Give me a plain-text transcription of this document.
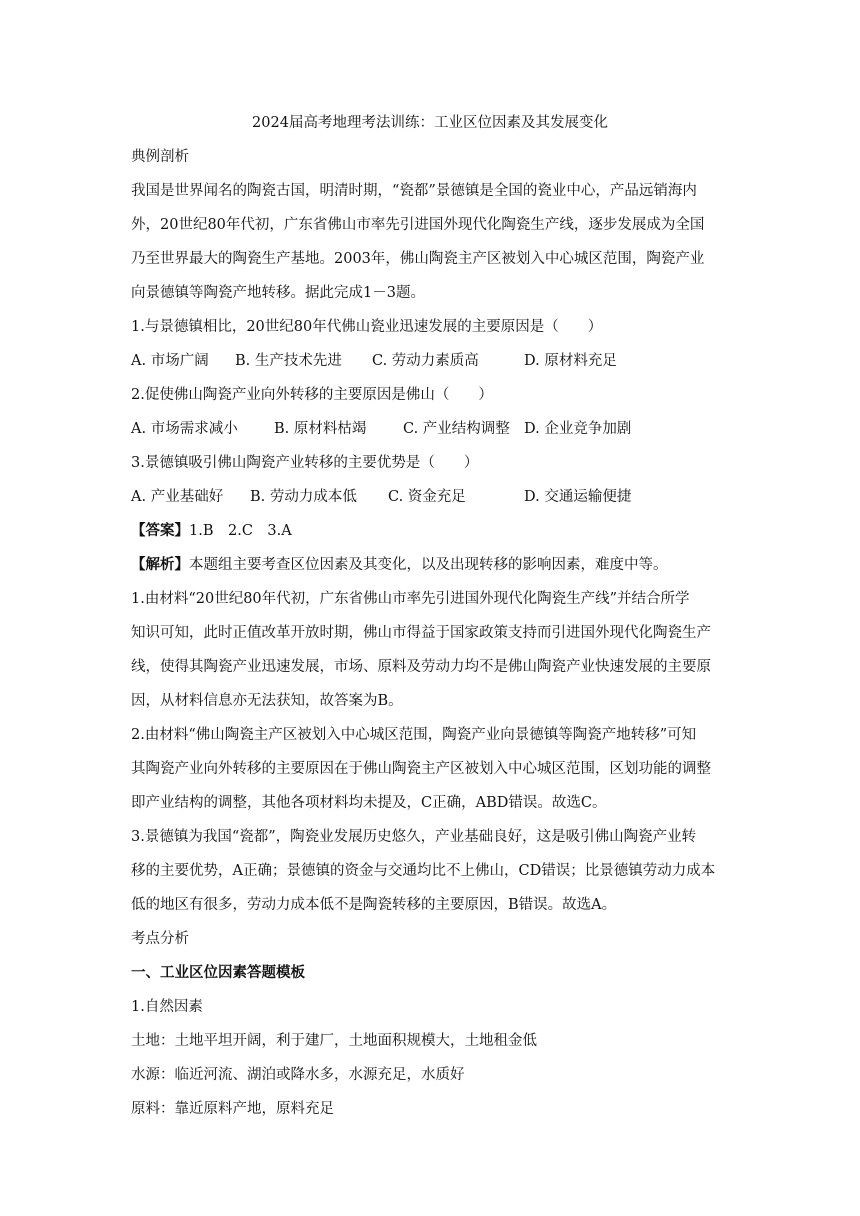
2024届高考地理考法训练：工业区位因素及其发展变化
典例剖析
我国是世界闻名的陶瓷古国，明清时期，“瓷都”景德镇是全国的瓷业中心，产品远销海内
外，20世纪80年代初，广东省佛山市率先引进国外现代化陶瓷生产线，逐步发展成为全国
乃至世界最大的陶瓷生产基地。2003年，佛山陶瓷主产区被划入中心城区范围，陶瓷产业
向景德镇等陶瓷产地转移。据此完成1－3题。
1.与景德镇相比，20世纪80年代佛山瓷业迅速发展的主要原因是（　　）
A. 市场广阔 B. 生产技术先进 C. 劳动力素质高	D. 原材料充足
2.促使佛山陶瓷产业向外转移的主要原因是佛山（　　）
A. 市场需求减小	B. 原材料枯竭	C. 产业结构调整 D. 企业竞争加剧
3.景德镇吸引佛山陶瓷产业转移的主要优势是（　　）
A. 产业基础好 B. 劳动力成本低 C. 资金充足	D. 交通运输便捷
【答案】1.B　2.C　3.A
【解析】本题组主要考查区位因素及其变化，以及出现转移的影响因素，难度中等。
1.由材料“20世纪80年代初，广东省佛山市率先引进国外现代化陶瓷生产线”并结合所学
知识可知，此时正值改革开放时期，佛山市得益于国家政策支持而引进国外现代化陶瓷生产
线，使得其陶瓷产业迅速发展，市场、原料及劳动力均不是佛山陶瓷产业快速发展的主要原
因，从材料信息亦无法获知，故答案为B。
2.由材料“佛山陶瓷主产区被划入中心城区范围，陶瓷产业向景德镇等陶瓷产地转移”可知
其陶瓷产业向外转移的主要原因在于佛山陶瓷主产区被划入中心城区范围，区划功能的调整
即产业结构的调整，其他各项材料均未提及，C正确，ABD错误。故选C。
3.景德镇为我国“瓷都”，陶瓷业发展历史悠久，产业基础良好，这是吸引佛山陶瓷产业转
移的主要优势，A正确；景德镇的资金与交通均比不上佛山，CD错误；比景德镇劳动力成本
低的地区有很多，劳动力成本低不是陶瓷转移的主要原因，B错误。故选A。
考点分析
一、工业区位因素答题模板
1.自然因素
土地：土地平坦开阔，利于建厂，土地面积规模大，土地租金低
水源：临近河流、湖泊或降水多，水源充足，水质好
原料：靠近原料产地，原料充足
